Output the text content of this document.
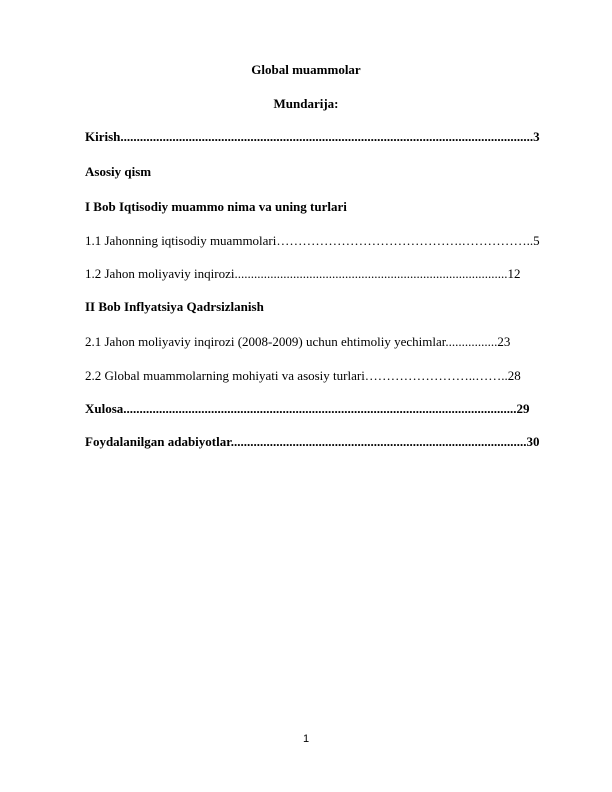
Global muammolar
Mundarija:
Kirish...............................................................................................................................3
Asosiy qism
I Bob Iqtisodiy muammo nima va uning turlari
1.1 Jahonning iqtisodiy muammolari…………………………………….……………..5
1.2 Jahon moliyaviy inqirozi....................................................................................12
II Bob Inflyatsiya Qadrsizlanish
2.1 Jahon moliyaviy inqirozi (2008-2009) uchun ehtimoliy yechimlar................23
2.2 Global muammolarning mohiyati va asosiy turlari……………………..……..28
Xulosa.........................................................................................................................29
Foydalanilgan adabiyotlar...........................................................................................30
1
